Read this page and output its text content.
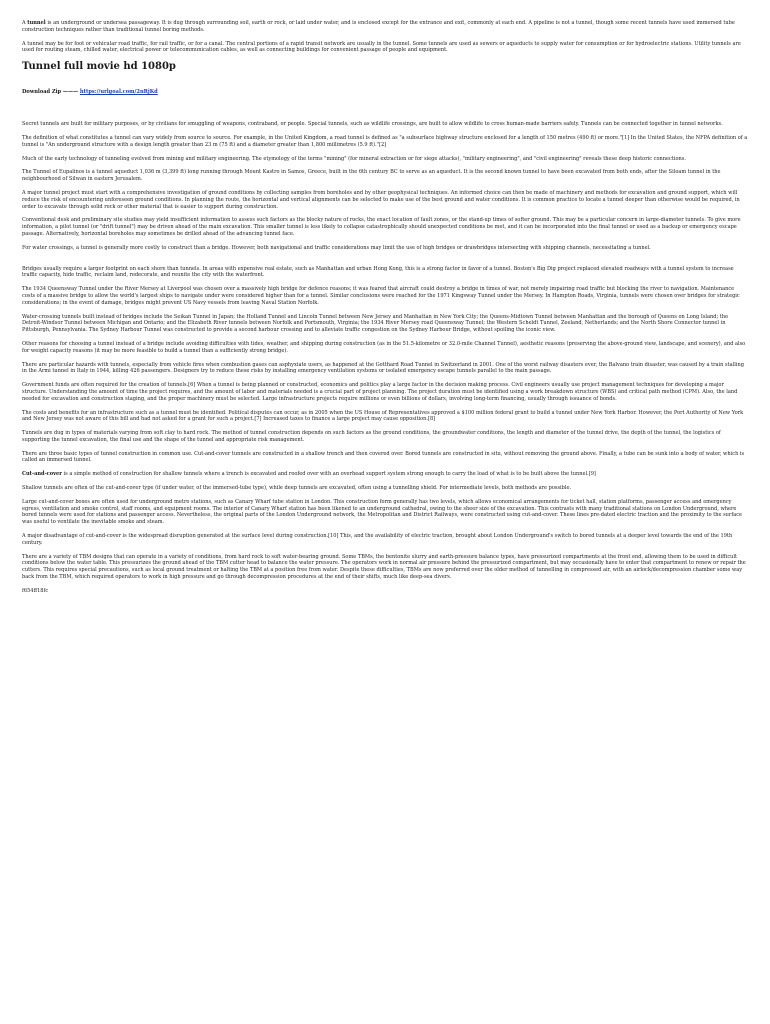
A tunnel is an underground or undersea passageway. It is dug through surrounding soil, earth or rock, or laid under water, and is enclosed except for the entrance and exit, commonly at each end. A pipeline is not a tunnel, though some recent tunnels have used immersed tube construction techniques rather than traditional tunnel boring methods.

A tunnel may be for foot or vehicular road traffic, for rail traffic, or for a canal. The central portions of a rapid transit network are usually in the tunnel. Some tunnels are used as sewers or aqueducts to supply water for consumption or for hydroelectric stations. Utility tunnels are used for routing steam, chilled water, electrical power or telecommunication cables, as well as connecting buildings for convenient passage of people and equipment.

Tunnel full movie hd 1080p

Download Zip ——— https://urlgoal.com/2nRjKd

Secret tunnels are built for military purposes, or by civilians for smuggling of weapons, contraband, or people. Special tunnels, such as wildlife crossings, are built to allow wildlife to cross human-made barriers safely. Tunnels can be connected together in tunnel networks.

The definition of what constitutes a tunnel can vary widely from source to source. For example, in the United Kingdom, a road tunnel is defined as "a subsurface highway structure enclosed for a length of 150 metres (490 ft) or more."[1] In the United States, the NFPA definition of a tunnel is "An underground structure with a design length greater than 23 m (75 ft) and a diameter greater than 1,800 millimetres (5.9 ft)."[2]

Much of the early technology of tunneling evolved from mining and military engineering. The etymology of the terms "mining" (for mineral extraction or for siege attacks), "military engineering", and "civil engineering" reveals these deep historic connections.

The Tunnel of Eupalinos is a tunnel aqueduct 1,036 m (3,399 ft) long running through Mount Kastro in Samos, Greece, built in the 6th century BC to serve as an aqueduct. It is the second known tunnel to have been excavated from both ends, after the Siloam tunnel in the neighbourhood of Silwan in eastern Jerusalem.

A major tunnel project must start with a comprehensive investigation of ground conditions by collecting samples from boreholes and by other geophysical techniques. An informed choice can then be made of machinery and methods for excavation and ground support, which will reduce the risk of encountering unforeseen ground conditions. In planning the route, the horizontal and vertical alignments can be selected to make use of the best ground and water conditions. It is common practice to locate a tunnel deeper than otherwise would be required, in order to excavate through solid rock or other material that is easier to support during construction.

Conventional desk and preliminary site studies may yield insufficient information to assess such factors as the blocky nature of rocks, the exact location of fault zones, or the stand-up times of softer ground. This may be a particular concern in large-diameter tunnels. To give more information, a pilot tunnel (or "drift tunnel") may be driven ahead of the main excavation. This smaller tunnel is less likely to collapse catastrophically should unexpected conditions be met, and it can be incorporated into the final tunnel or used as a backup or emergency escape passage. Alternatively, horizontal boreholes may sometimes be drilled ahead of the advancing tunnel face.

For water crossings, a tunnel is generally more costly to construct than a bridge. However, both navigational and traffic considerations may limit the use of high bridges or drawbridges intersecting with shipping channels, necessitating a tunnel.

Bridges usually require a larger footprint on each shore than tunnels. In areas with expensive real estate, such as Manhattan and urban Hong Kong, this is a strong factor in favor of a tunnel. Boston's Big Dig project replaced elevated roadways with a tunnel system to increase traffic capacity, hide traffic, reclaim land, redecorate, and reunite the city with the waterfront.

The 1934 Queensway Tunnel under the River Mersey at Liverpool was chosen over a massively high bridge for defence reasons; it was feared that aircraft could destroy a bridge in times of war, not merely impairing road traffic but blocking the river to navigation. Maintenance costs of a massive bridge to allow the world's largest ships to navigate under were considered higher than for a tunnel. Similar conclusions were reached for the 1971 Kingsway Tunnel under the Mersey. In Hampton Roads, Virginia, tunnels were chosen over bridges for strategic considerations; in the event of damage, bridges might prevent US Navy vessels from leaving Naval Station Norfolk.

Water-crossing tunnels built instead of bridges include the Seikan Tunnel in Japan; the Holland Tunnel and Lincoln Tunnel between New Jersey and Manhattan in New York City; the Queens-Midtown Tunnel between Manhattan and the borough of Queens on Long Island; the Detroit-Windsor Tunnel between Michigan and Ontario; and the Elizabeth River tunnels between Norfolk and Portsmouth, Virginia; the 1934 River Mersey road Queensway Tunnel; the Western Scheldt Tunnel, Zeeland, Netherlands; and the North Shore Connector tunnel in Pittsburgh, Pennsylvania. The Sydney Harbour Tunnel was constructed to provide a second harbour crossing and to alleviate traffic congestion on the Sydney Harbour Bridge, without spoiling the iconic view.

Other reasons for choosing a tunnel instead of a bridge include avoiding difficulties with tides, weather, and shipping during construction (as in the 51.5-kilometre or 32.0-mile Channel Tunnel), aesthetic reasons (preserving the above-ground view, landscape, and scenery), and also for weight capacity reasons (it may be more feasible to build a tunnel than a sufficiently strong bridge).

There are particular hazards with tunnels, especially from vehicle fires when combustion gases can asphyxiate users, as happened at the Gotthard Road Tunnel in Switzerland in 2001. One of the worst railway disasters ever, the Balvano train disaster, was caused by a train stalling in the Armi tunnel in Italy in 1944, killing 426 passengers. Designers try to reduce these risks by installing emergency ventilation systems or isolated emergency escape tunnels parallel to the main passage.

Government funds are often required for the creation of tunnels.[6] When a tunnel is being planned or constructed, economics and politics play a large factor in the decision making process. Civil engineers usually use project management techniques for developing a major structure. Understanding the amount of time the project requires, and the amount of labor and materials needed is a crucial part of project planning. The project duration must be identified using a work breakdown structure (WBS) and critical path method (CPM). Also, the land needed for excavation and construction staging, and the proper machinery must be selected. Large infrastructure projects require millions or even billions of dollars, involving long-term financing, usually through issuance of bonds.

The costs and benefits for an infrastructure such as a tunnel must be identified. Political disputes can occur, as in 2005 when the US House of Representatives approved a $100 million federal grant to build a tunnel under New York Harbor. However, the Port Authority of New York and New Jersey was not aware of this bill and had not asked for a grant for such a project.[7] Increased taxes to finance a large project may cause opposition.[8]

Tunnels are dug in types of materials varying from soft clay to hard rock. The method of tunnel construction depends on such factors as the ground conditions, the groundwater conditions, the length and diameter of the tunnel drive, the depth of the tunnel, the logistics of supporting the tunnel excavation, the final use and the shape of the tunnel and appropriate risk management.

There are three basic types of tunnel construction in common use. Cut-and-cover tunnels are constructed in a shallow trench and then covered over. Bored tunnels are constructed in situ, without removing the ground above. Finally, a tube can be sunk into a body of water, which is called an immersed tunnel.

Cut-and-cover is a simple method of construction for shallow tunnels where a trench is excavated and roofed over with an overhead support system strong enough to carry the load of what is to be built above the tunnel.[9]

Shallow tunnels are often of the cut-and-cover type (if under water, of the immersed-tube type), while deep tunnels are excavated, often using a tunnelling shield. For intermediate levels, both methods are possible.

Large cut-and-cover boxes are often used for underground metro stations, such as Canary Wharf tube station in London. This construction form generally has two levels, which allows economical arrangements for ticket hall, station platforms, passenger access and emergency egress, ventilation and smoke control, staff rooms, and equipment rooms. The interior of Canary Wharf station has been likened to an underground cathedral, owing to the sheer size of the excavation. This contrasts with many traditional stations on London Underground, where bored tunnels were used for stations and passenger access. Nevertheless, the original parts of the London Underground network, the Metropolitan and District Railways, were constructed using cut-and-cover. These lines pre-dated electric traction and the proximity to the surface was useful to ventilate the inevitable smoke and steam.

A major disadvantage of cut-and-cover is the widespread disruption generated at the surface level during construction.[10] This, and the availability of electric traction, brought about London Underground's switch to bored tunnels at a deeper level towards the end of the 19th century.

There are a variety of TBM designs that can operate in a variety of conditions, from hard rock to soft water-bearing ground. Some TBMs, the bentonite slurry and earth-pressure balance types, have pressurized compartments at the front end, allowing them to be used in difficult conditions below the water table. This pressurizes the ground ahead of the TBM cutter head to balance the water pressure. The operators work in normal air pressure behind the pressurized compartment, but may occasionally have to enter that compartment to renew or repair the cutters. This requires special precautions, such as local ground treatment or halting the TBM at a position free from water. Despite these difficulties, TBMs are now preferred over the older method of tunnelling in compressed air, with an airlock/decompression chamber some way back from the TBM, which required operators to work in high pressure and go through decompression procedures at the end of their shifts, much like deep-sea divers.

f654ff18fc
